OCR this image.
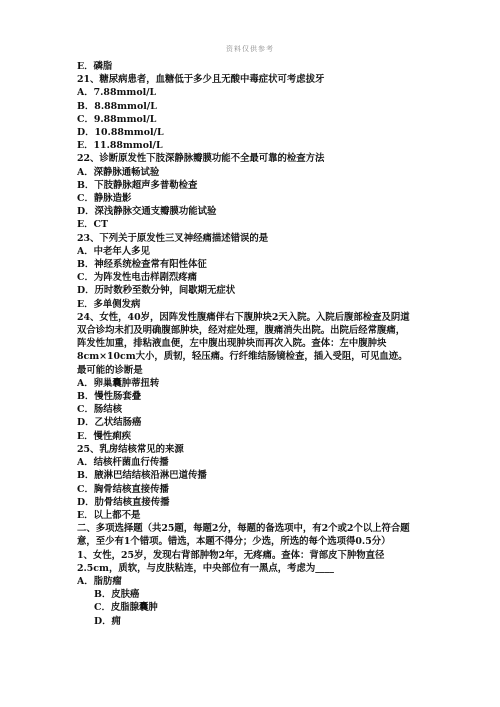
资料仅供参考
E．磷脂
21、糖尿病患者，血糖低于多少且无酸中毒症状可考虑拔牙
A．7.88mmol/L
B．8.88mmol/L
C．9.88mmol/L
D．10.88mmol/L
E．11.88mmol/L
22、诊断原发性下肢深静脉瓣膜功能不全最可靠的检查方法
A．深静脉通畅试验
B．下肢静脉超声多普勒检查
C．静脉造影
D．深浅静脉交通支瓣膜功能试验
E．CT
23、下列关于原发性三叉神经痛描述错误的是
A．中老年人多见
B．神经系统检查常有阳性体征
C．为阵发性电击样剧烈疼痛
D．历时数秒至数分钟，间歇期无症状
E．多单侧发病
24、女性，40岁，因阵发性腹痛伴右下腹肿块2天入院。入院后腹部检查及阴道双合诊均未扪及明确腹部肿块，经对症处理，腹痛消失出院。出院后经常腹痛，阵发性加重，排粘液血便，左中腹出现肿块而再次入院。查体：左中腹肿块8cm×10cm大小，质韧，轻压痛。行纤维结肠镜检查，插入受阻，可见血迹。最可能的诊断是
A．卵巢囊肿蒂扭转
B．慢性肠套叠
C．肠结核
D．乙状结肠癌
E．慢性痢疾
25、乳房结核常见的来源
A．结核杆菌血行传播
B．腋淋巴结结核沿淋巴道传播
C．胸骨结核直接传播
D．肋骨结核直接传播
E．以上都不是
二、多项选择题（共25题，每题2分，每题的备选项中，有2个或2个以上符合题意，至少有1个错项。错选，本题不得分；少选，所选的每个选项得0.5分）
1、女性，25岁，发现右背部肿物2年，无疼痛。查体：背部皮下肿物直径2.5cm，质软，与皮肤粘连，中央部位有一黑点，考虑为____
A．脂肪瘤
B．皮肤癌
C．皮脂腺囊肿
D．痈
